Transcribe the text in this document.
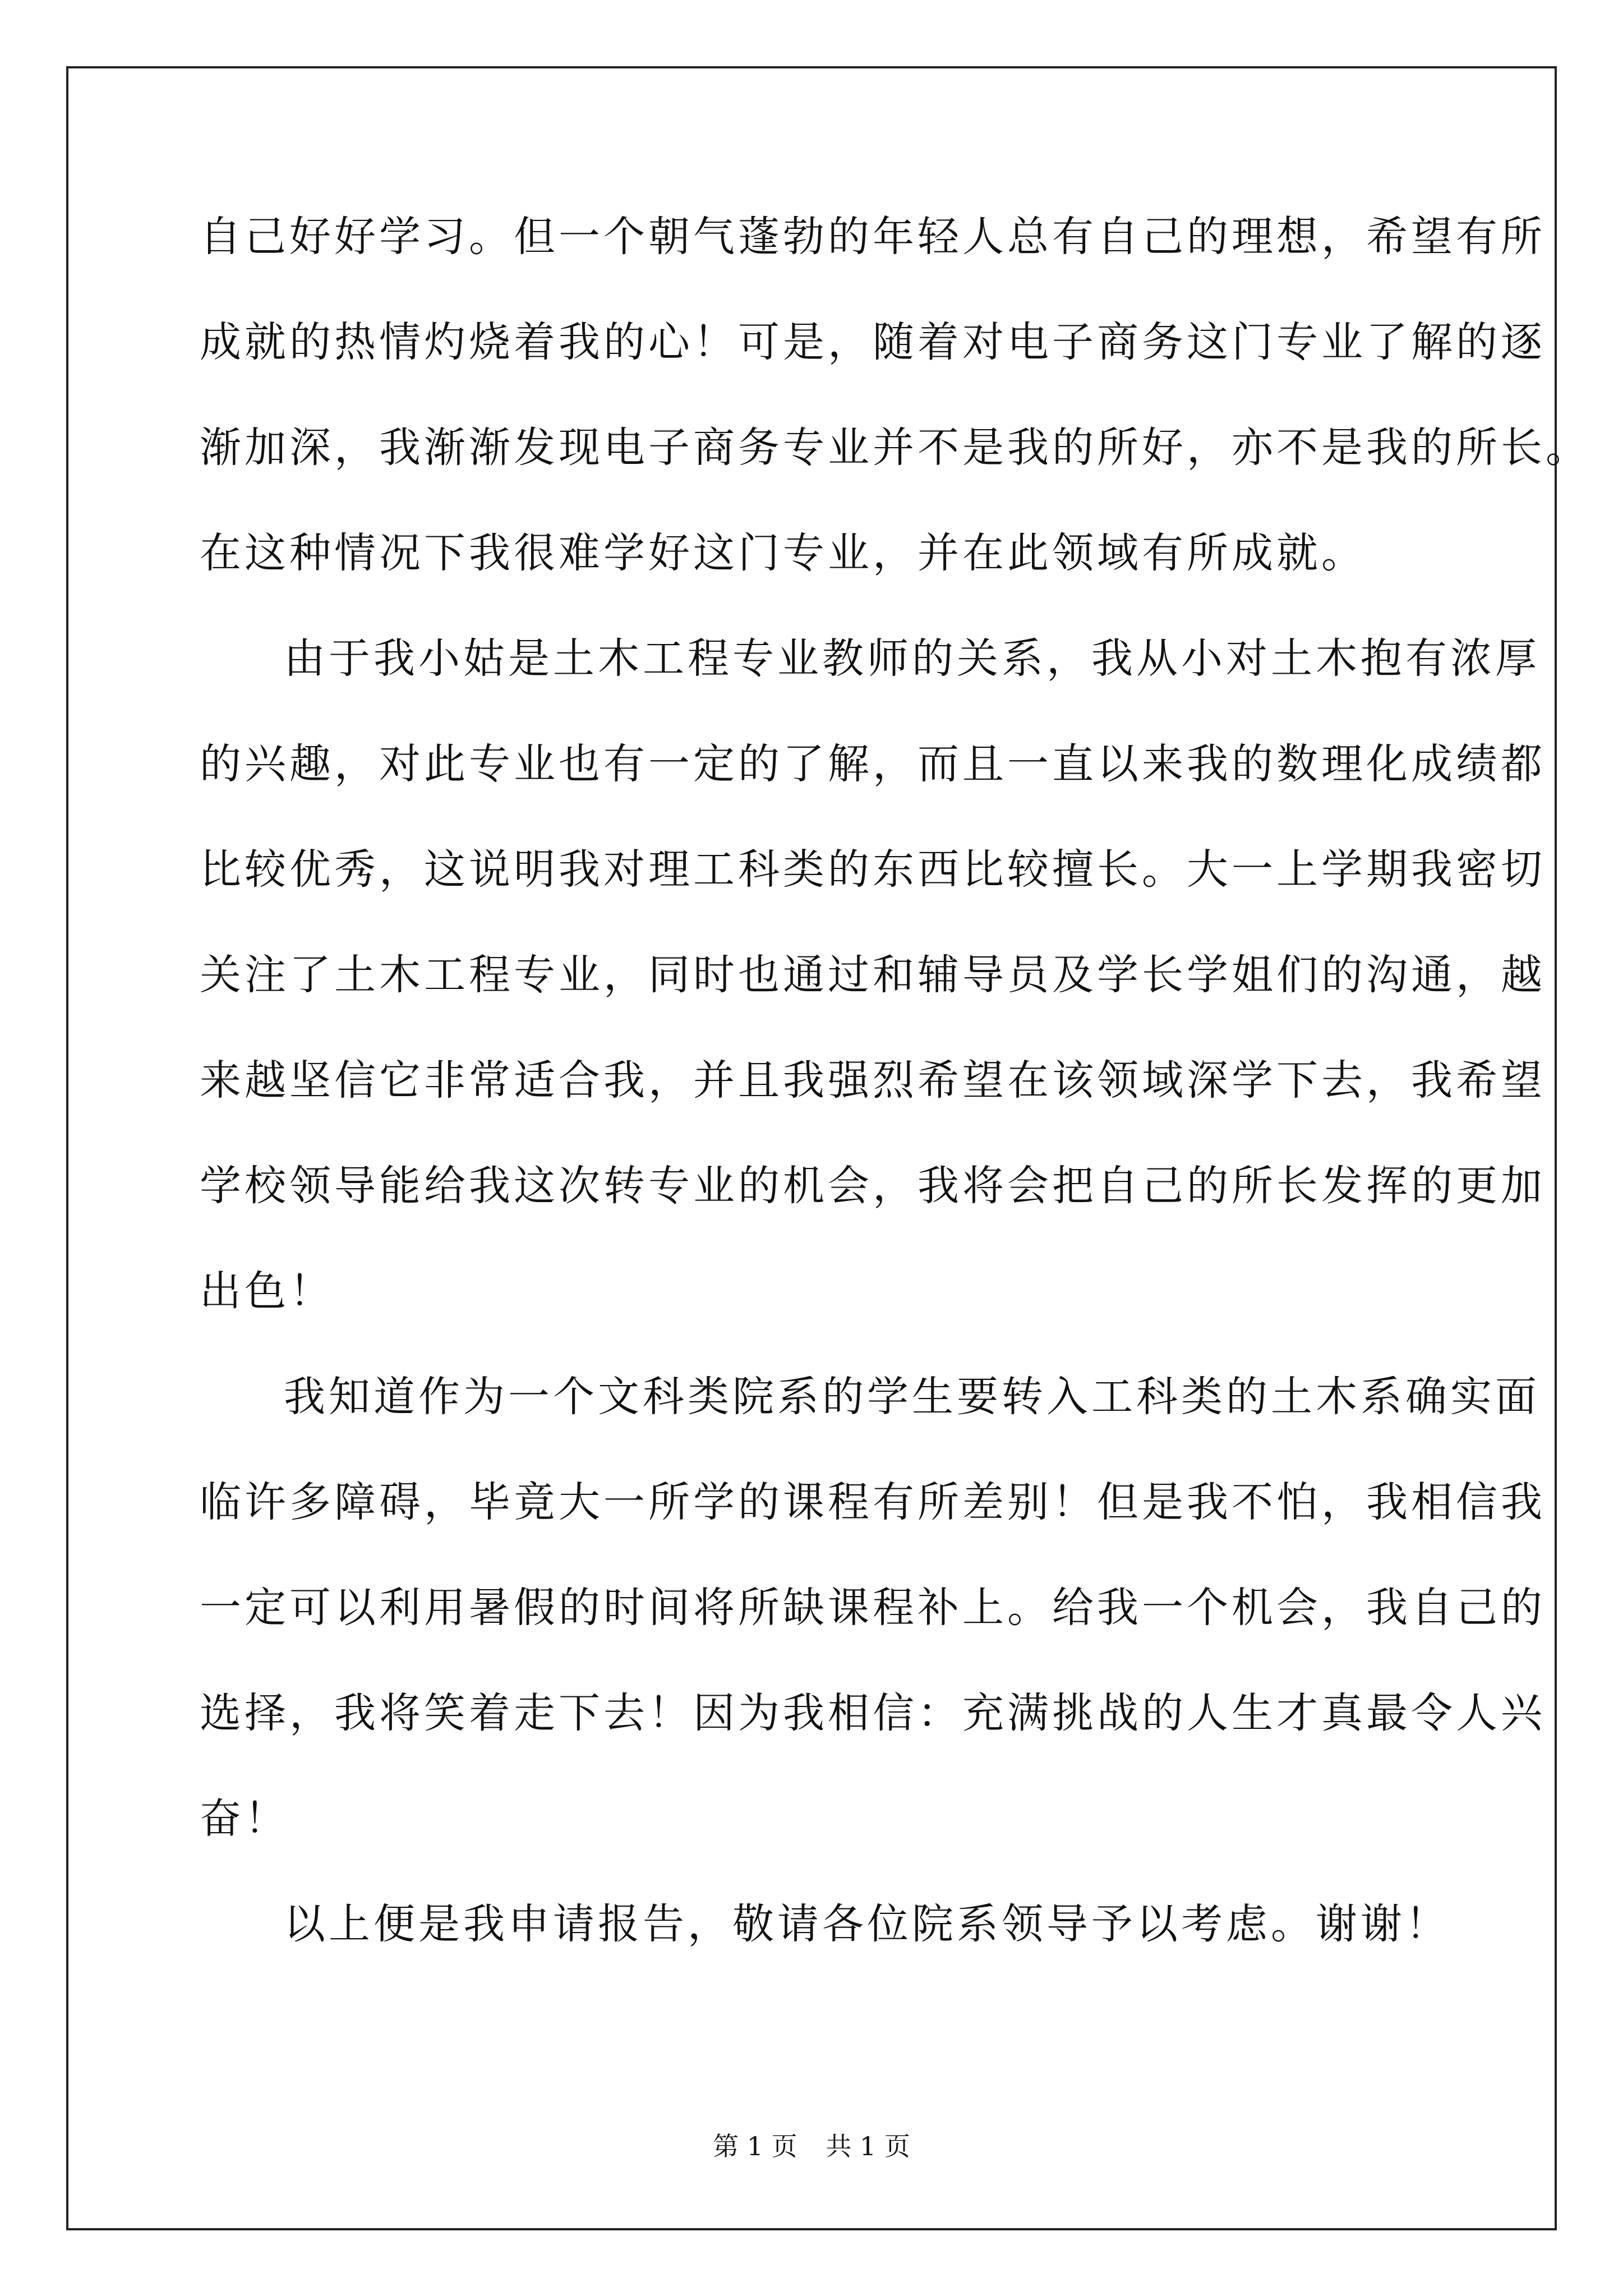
自己好好学习。但一个朝气蓬勃的年轻人总有自己的理想，希望有所
成就的热情灼烧着我的心！可是，随着对电子商务这门专业了解的逐
渐加深，我渐渐发现电子商务专业并不是我的所好，亦不是我的所长。
在这种情况下我很难学好这门专业，并在此领域有所成就。
由于我小姑是土木工程专业教师的关系，我从小对土木抱有浓厚
的兴趣，对此专业也有一定的了解，而且一直以来我的数理化成绩都
比较优秀，这说明我对理工科类的东西比较擅长。大一上学期我密切
关注了土木工程专业，同时也通过和辅导员及学长学姐们的沟通，越
来越坚信它非常适合我，并且我强烈希望在该领域深学下去，我希望
学校领导能给我这次转专业的机会，我将会把自己的所长发挥的更加
出色！
我知道作为一个文科类院系的学生要转入工科类的土木系确实面
临许多障碍，毕竟大一所学的课程有所差别！但是我不怕，我相信我
一定可以利用暑假的时间将所缺课程补上。给我一个机会，我自己的
选择，我将笑着走下去！因为我相信：充满挑战的人生才真最令人兴
奋！
以上便是我申请报告，敬请各位院系领导予以考虑。谢谢！
第 1 页 共 1 页
